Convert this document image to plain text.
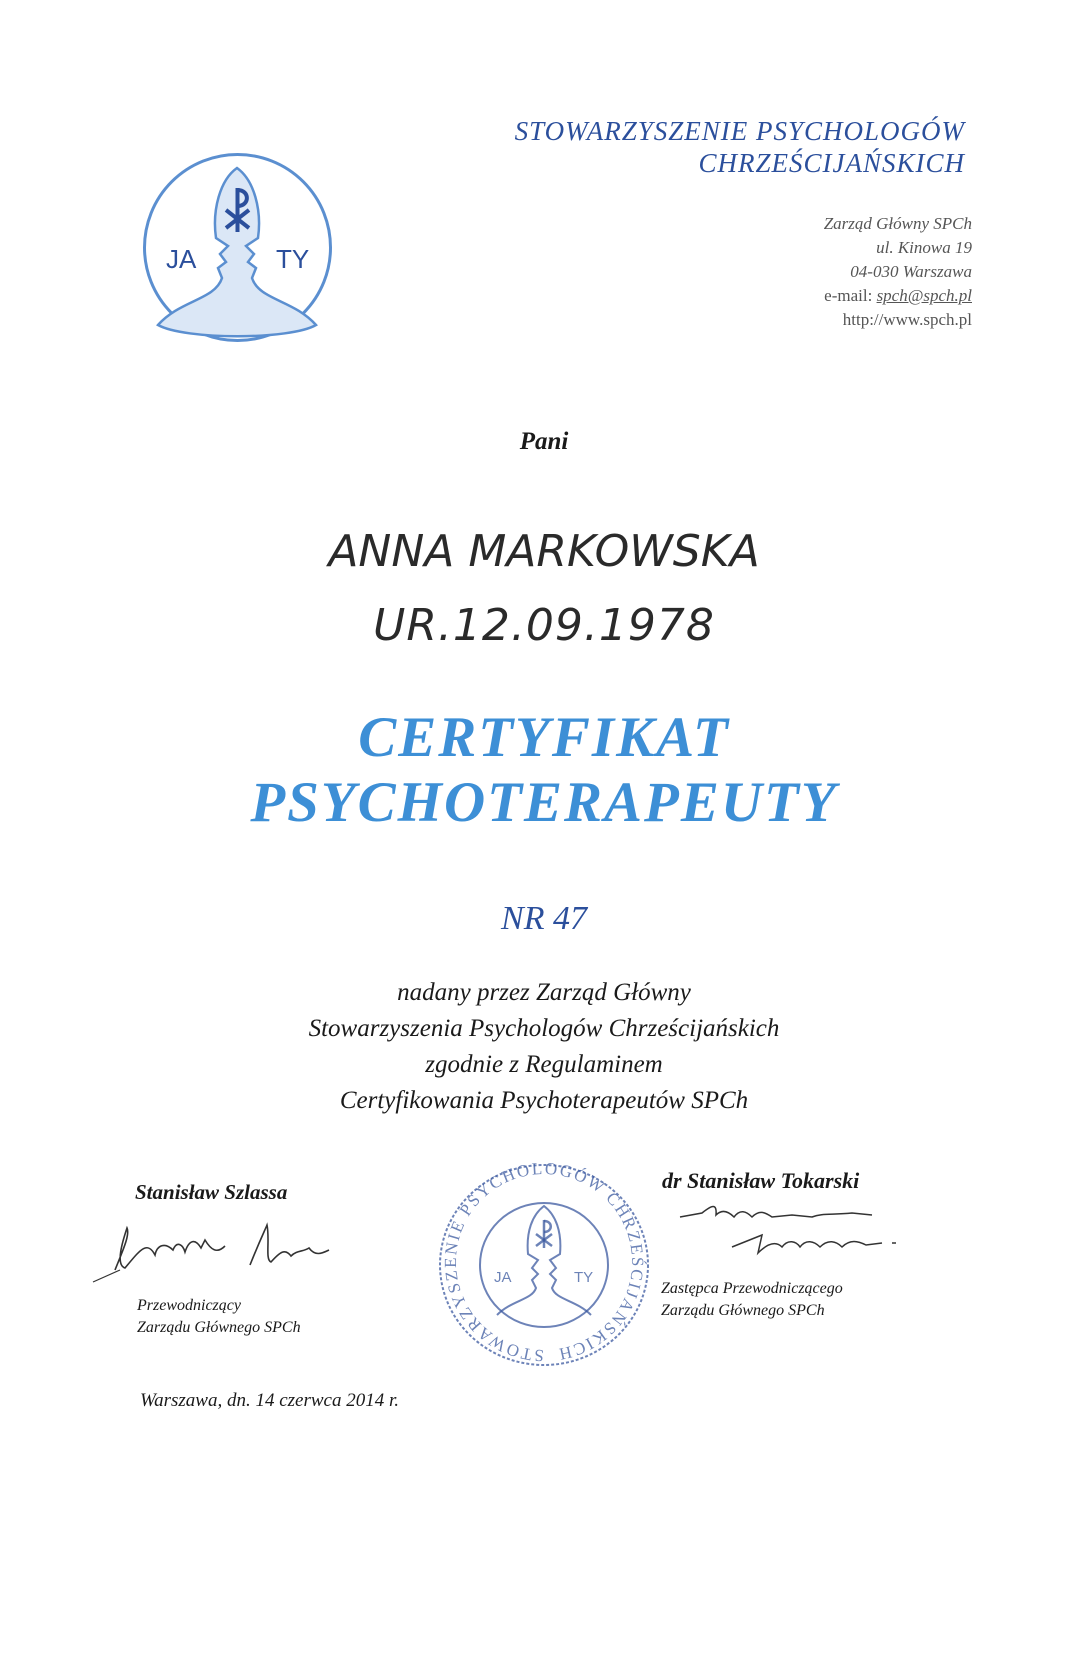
JA	TY
STOWARZYSZENIE PSYCHOLOGÓW
CHRZEŚCIJAŃSKICH
Zarząd Główny SPCh
ul. Kinowa 19
04-030 Warszawa
e-mail: spch@spch.pl
http://www.spch.pl
Pani
ANNA MARKOWSKA
UR.12.09.1978
CERTYFIKAT
PSYCHOTERAPEUTY
NR 47
nadany przez Zarząd Główny
Stowarzyszenia Psychologów Chrześcijańskich
zgodnie z Regulaminem
Certyfikowania Psychoterapeutów SPCh
Stanisław Szlassa
Przewodniczący
Zarządu Głównego SPCh
STOWARZYSZENIE PSYCHOLOGÓW CHRZEŚCIJAŃSKICH
JA	TY
dr Stanisław Tokarski
Zastępca Przewodniczącego
Zarządu Głównego SPCh
Warszawa, dn. 14 czerwca 2014 r.
